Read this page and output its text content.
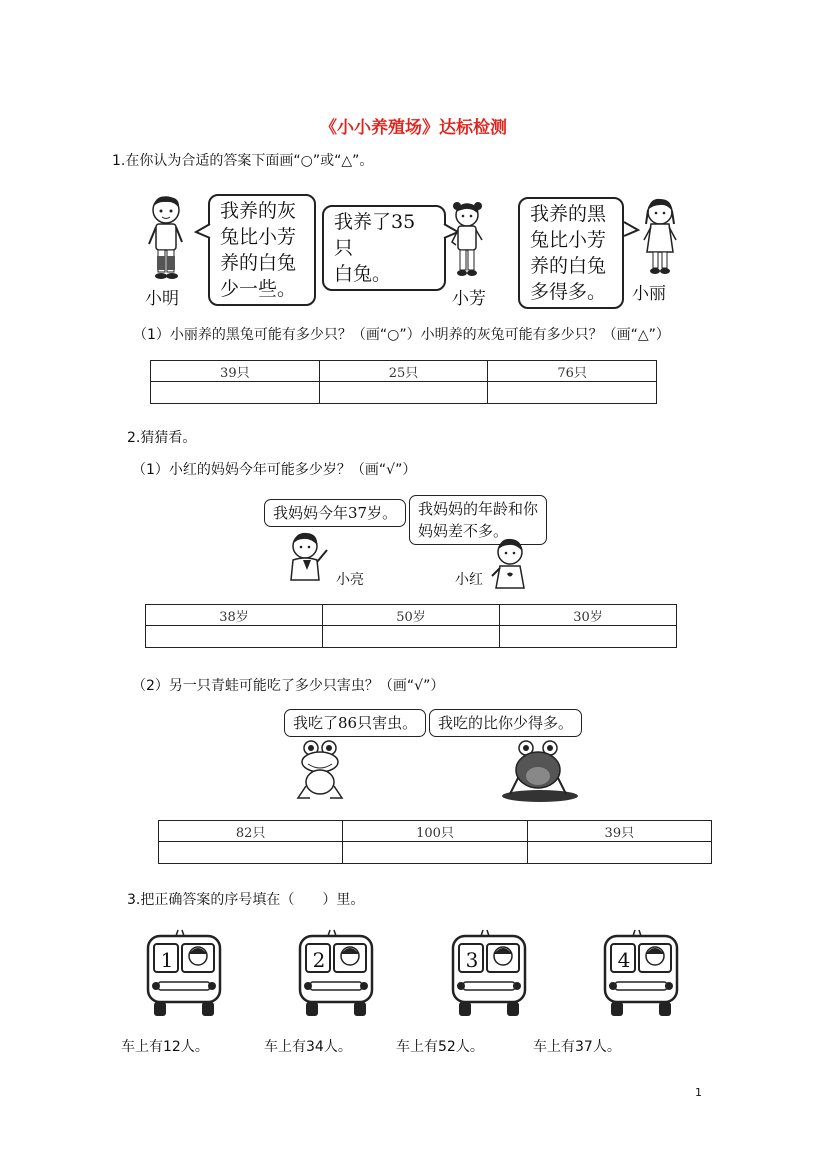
《小小养殖场》达标检测
1.在你认为合适的答案下面画“○”或“△”。
小明
我养的灰
兔比小芳
养的白兔
少一些。
我养了35只
白兔。
小芳
我养的黑
兔比小芳
养的白兔
多得多。	小丽
（1）小丽养的黑兔可能有多少只？（画“○”）小明养的灰兔可能有多少只？（画“△”）
39只	25只	76只

2.猜猜看。
（1）小红的妈妈今年可能多少岁？（画“√”）
我妈妈今年37岁。	我妈妈的年龄和你
妈妈差不多。
小亮	小红
38岁	50岁	30岁

（2）另一只青蛙可能吃了多少只害虫？（画“√”）
我吃了86只害虫。	我吃的比你少得多。
82只	100只	39只

3.把正确答案的序号填在（　　）里。
1	2	3	4
车上有12人。	车上有34人。	车上有52人。	车上有37人。
1
